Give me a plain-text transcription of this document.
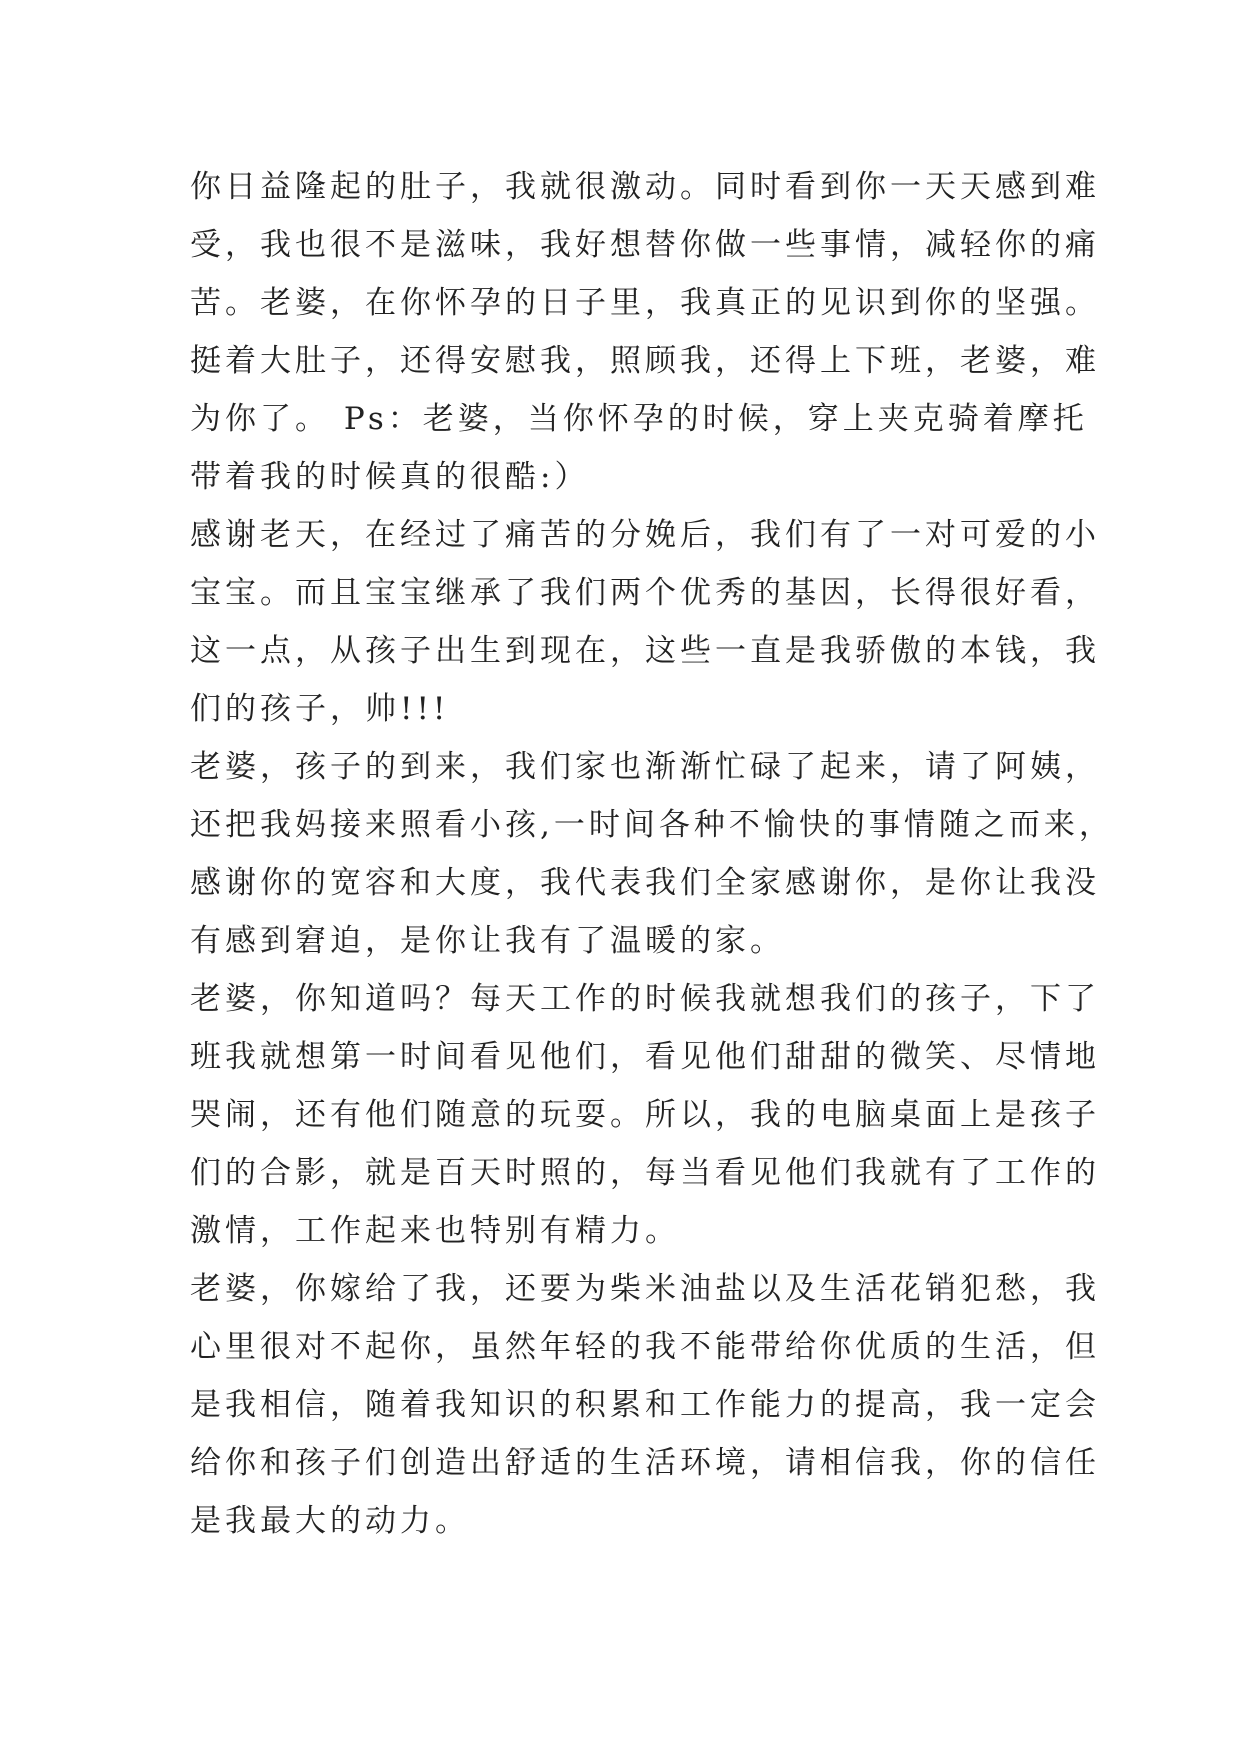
你日益隆起的肚子，我就很激动。同时看到你一天天感到难
受，我也很不是滋味，我好想替你做一些事情，减轻你的痛
苦。老婆，在你怀孕的日子里，我真正的见识到你的坚强。
挺着大肚子，还得安慰我，照顾我，还得上下班，老婆，难
为你了。 Ps：老婆，当你怀孕的时候，穿上夹克骑着摩托
带着我的时候真的很酷:）
感谢老天，在经过了痛苦的分娩后，我们有了一对可爱的小
宝宝。而且宝宝继承了我们两个优秀的基因，长得很好看，
这一点，从孩子出生到现在，这些一直是我骄傲的本钱，我
们的孩子，帅!!!
老婆，孩子的到来，我们家也渐渐忙碌了起来，请了阿姨，
还把我妈接来照看小孩,一时间各种不愉快的事情随之而来，
感谢你的宽容和大度，我代表我们全家感谢你，是你让我没
有感到窘迫，是你让我有了温暖的家。
老婆，你知道吗？每天工作的时候我就想我们的孩子，下了
班我就想第一时间看见他们，看见他们甜甜的微笑、尽情地
哭闹，还有他们随意的玩耍。所以，我的电脑桌面上是孩子
们的合影，就是百天时照的，每当看见他们我就有了工作的
激情，工作起来也特别有精力。
老婆，你嫁给了我，还要为柴米油盐以及生活花销犯愁，我
心里很对不起你，虽然年轻的我不能带给你优质的生活，但
是我相信，随着我知识的积累和工作能力的提高，我一定会
给你和孩子们创造出舒适的生活环境，请相信我，你的信任
是我最大的动力。
